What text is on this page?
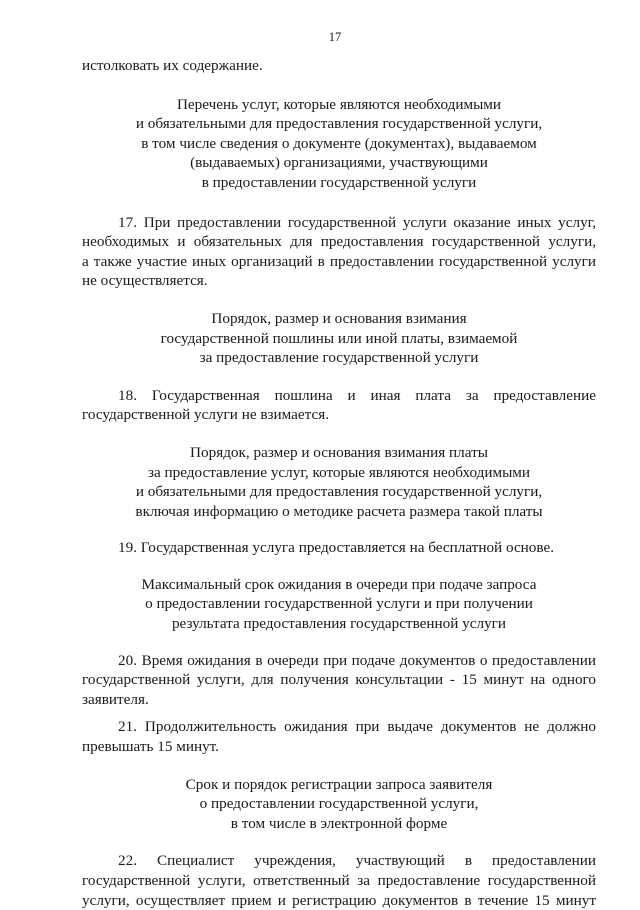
17
истолковать их содержание.
Перечень услуг, которые являются необходимыми
и обязательными для предоставления государственной услуги,
в том числе сведения о документе (документах), выдаваемом
(выдаваемых) организациями, участвующими
в предоставлении государственной услуги
17. При предоставлении государственной услуги оказание иных услуг,
необходимых и обязательных для предоставления государственной услуги,
а также участие иных организаций в предоставлении государственной услуги
не осуществляется.
Порядок, размер и основания взимания
государственной пошлины или иной платы, взимаемой
за предоставление государственной услуги
18. Государственная пошлина и иная плата за предоставление
государственной услуги не взимается.
Порядок, размер и основания взимания платы
за предоставление услуг, которые являются необходимыми
и обязательными для предоставления государственной услуги,
включая информацию о методике расчета размера такой платы
19. Государственная услуга предоставляется на бесплатной основе.
Максимальный срок ожидания в очереди при подаче запроса
о предоставлении государственной услуги и при получении
результата предоставления государственной услуги
20. Время ожидания в очереди при подаче документов о предоставлении
государственной услуги, для получения консультации - 15 минут на одного
заявителя.
21. Продолжительность ожидания при выдаче документов не должно
превышать 15 минут.
Срок и порядок регистрации запроса заявителя
о предоставлении государственной услуги,
в том числе в электронной форме
22. Специалист учреждения, участвующий в предоставлении
государственной услуги, ответственный за предоставление государственной
услуги, осуществляет прием и регистрацию документов в течение 15 минут
